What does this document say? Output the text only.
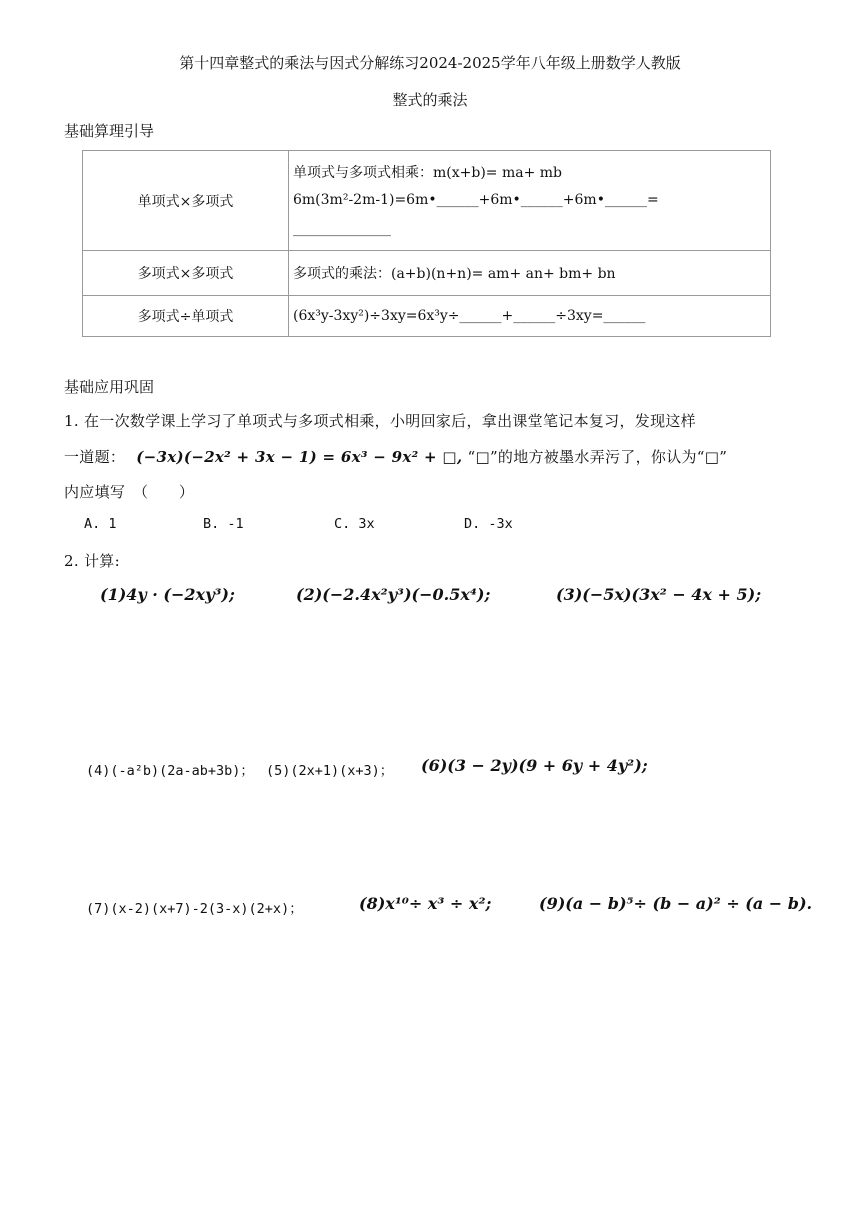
第十四章整式的乘法与因式分解练习2024-2025学年八年级上册数学人教版
整式的乘法
基础算理引导
单项式×多项式	单项式与多项式相乘：m(x+b)= ma+ mb
6m(3m²-2m-1)=6m•______+6m•______+6m•______=
______________

多项式×多项式	多项式的乘法：(a+b)(n+n)= am+ an+ bm+ bn
多项式÷单项式	(6x³y-3xy²)÷3xy=6x³y÷______+______÷3xy=______
基础应用巩固
1. 在一次数学课上学习了单项式与多项式相乘，小明回家后，拿出课堂笔记本复习，发现这样
一道题： (−3x)(−2x² + 3x − 1) = 6x³ − 9x² + □, “□”的地方被墨水弄污了，你认为“□”
内应填写　（　　）
A. 1	B. -1	C. 3x	D. -3x
2. 计算:
(1)4y · (−2xy³);	(2)(−2.4x²y³)(−0.5x⁴);	(3)(−5x)(3x² − 4x + 5);
(4)(-a²b)(2a-ab+3b)； (5)(2x+1)(x+3)； (6)(3 − 2y)(9 + 6y + 4y²);
(7)(x-2)(x+7)-2(3-x)(2+x)；	(8)x¹⁰÷ x³ ÷ x²;	(9)(a − b)⁵÷ (b − a)² ÷ (a − b).
